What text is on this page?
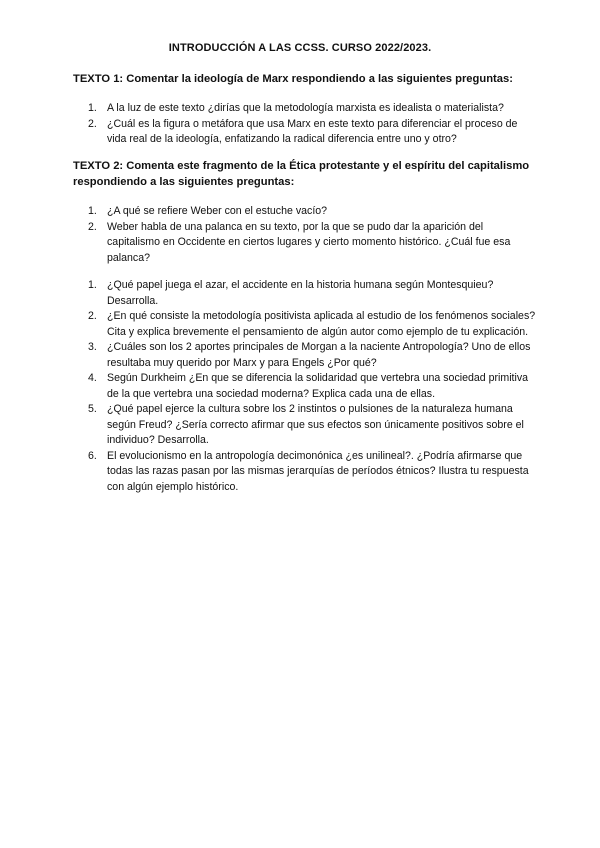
INTRODUCCIÓN A LAS CCSS. CURSO 2022/2023.
TEXTO 1: Comentar la ideología de Marx respondiendo a las siguientes preguntas:
1. A la luz de este texto ¿dirías que la metodología marxista es idealista o materialista?
2. ¿Cuál es la figura o metáfora que usa Marx en este texto para diferenciar el proceso de vida real de la ideología, enfatizando la radical diferencia entre uno y otro?
TEXTO 2: Comenta este fragmento de la Ética protestante y el espíritu del capitalismo respondiendo a las siguientes preguntas:
1. ¿A qué se refiere Weber con el estuche vacío?
2. Weber habla de una palanca en su texto, por la que se pudo dar la aparición del capitalismo en Occidente en ciertos lugares y cierto momento histórico. ¿Cuál fue esa palanca?
1. ¿Qué papel juega el azar, el accidente en la historia humana según Montesquieu? Desarrolla.
2. ¿En qué consiste la metodología positivista aplicada al estudio de los fenómenos sociales? Cita y explica brevemente el pensamiento de algún autor como ejemplo de tu explicación.
3. ¿Cuáles son los 2 aportes principales de Morgan a la naciente Antropología? Uno de ellos resultaba muy querido por Marx y para Engels ¿Por qué?
4. Según Durkheim ¿En que se diferencia la solidaridad que vertebra una sociedad primitiva de la que vertebra una sociedad moderna? Explica cada una de ellas.
5. ¿Qué papel ejerce la cultura sobre los 2 instintos o pulsiones de la naturaleza humana según Freud? ¿Sería correcto afirmar que sus efectos son únicamente positivos sobre el individuo? Desarrolla.
6. El evolucionismo en la antropología decimonónica ¿es unilineal?. ¿Podría afirmarse que todas las razas pasan por las mismas jerarquías de períodos étnicos? Ilustra tu respuesta con algún ejemplo histórico.
